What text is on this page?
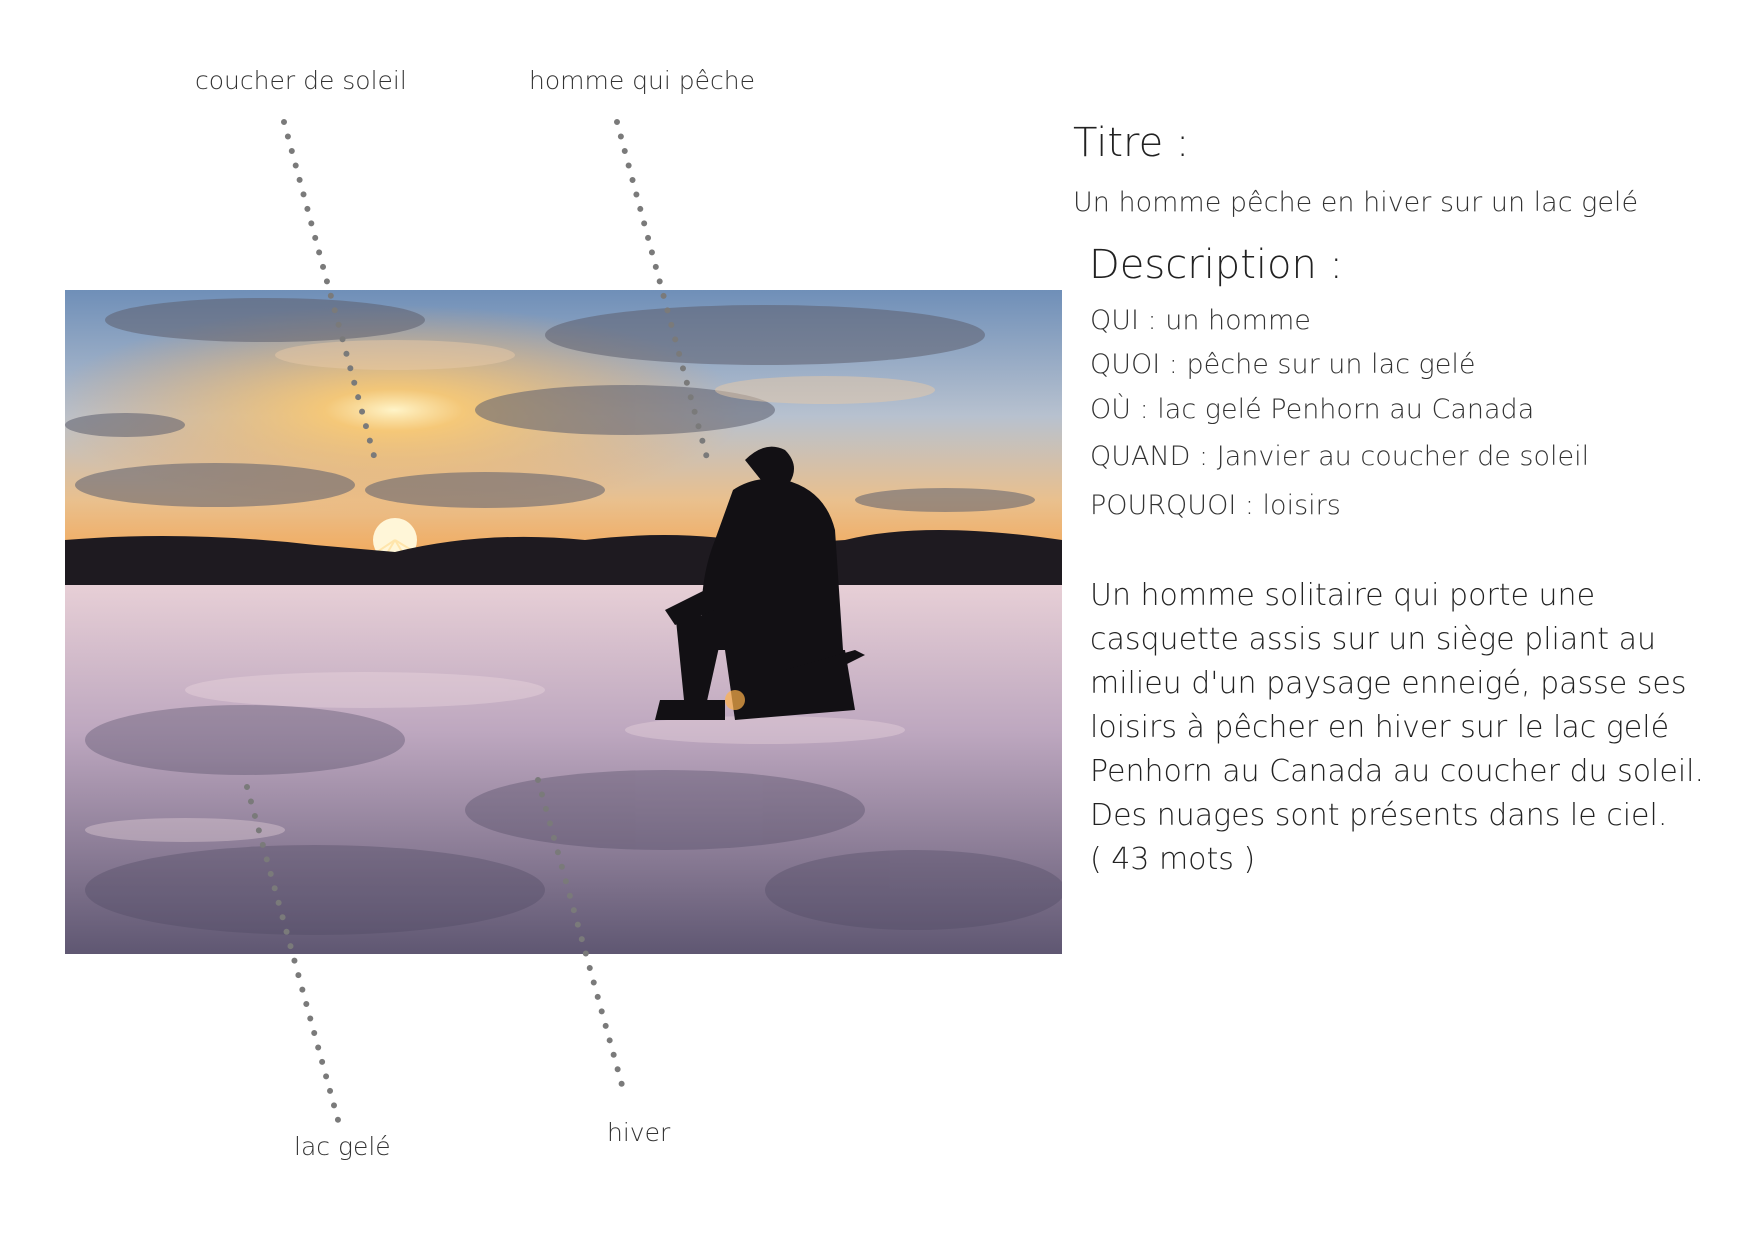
coucher de soleil	homme qui pêche
lac gelé	hiver
Titre :
Un homme pêche en hiver sur un lac gelé
Description :
QUI : un homme
QUOI : pêche sur un lac gelé
OÙ : lac gelé Penhorn au Canada
QUAND : Janvier au coucher de soleil
POURQUOI : loisirs
Un homme solitaire qui porte une
casquette assis sur un siège pliant au
milieu d'un paysage enneigé, passe ses
loisirs à pêcher en hiver sur le lac gelé
Penhorn au Canada au coucher du soleil.
Des nuages sont présents dans le ciel.
( 43 mots )
